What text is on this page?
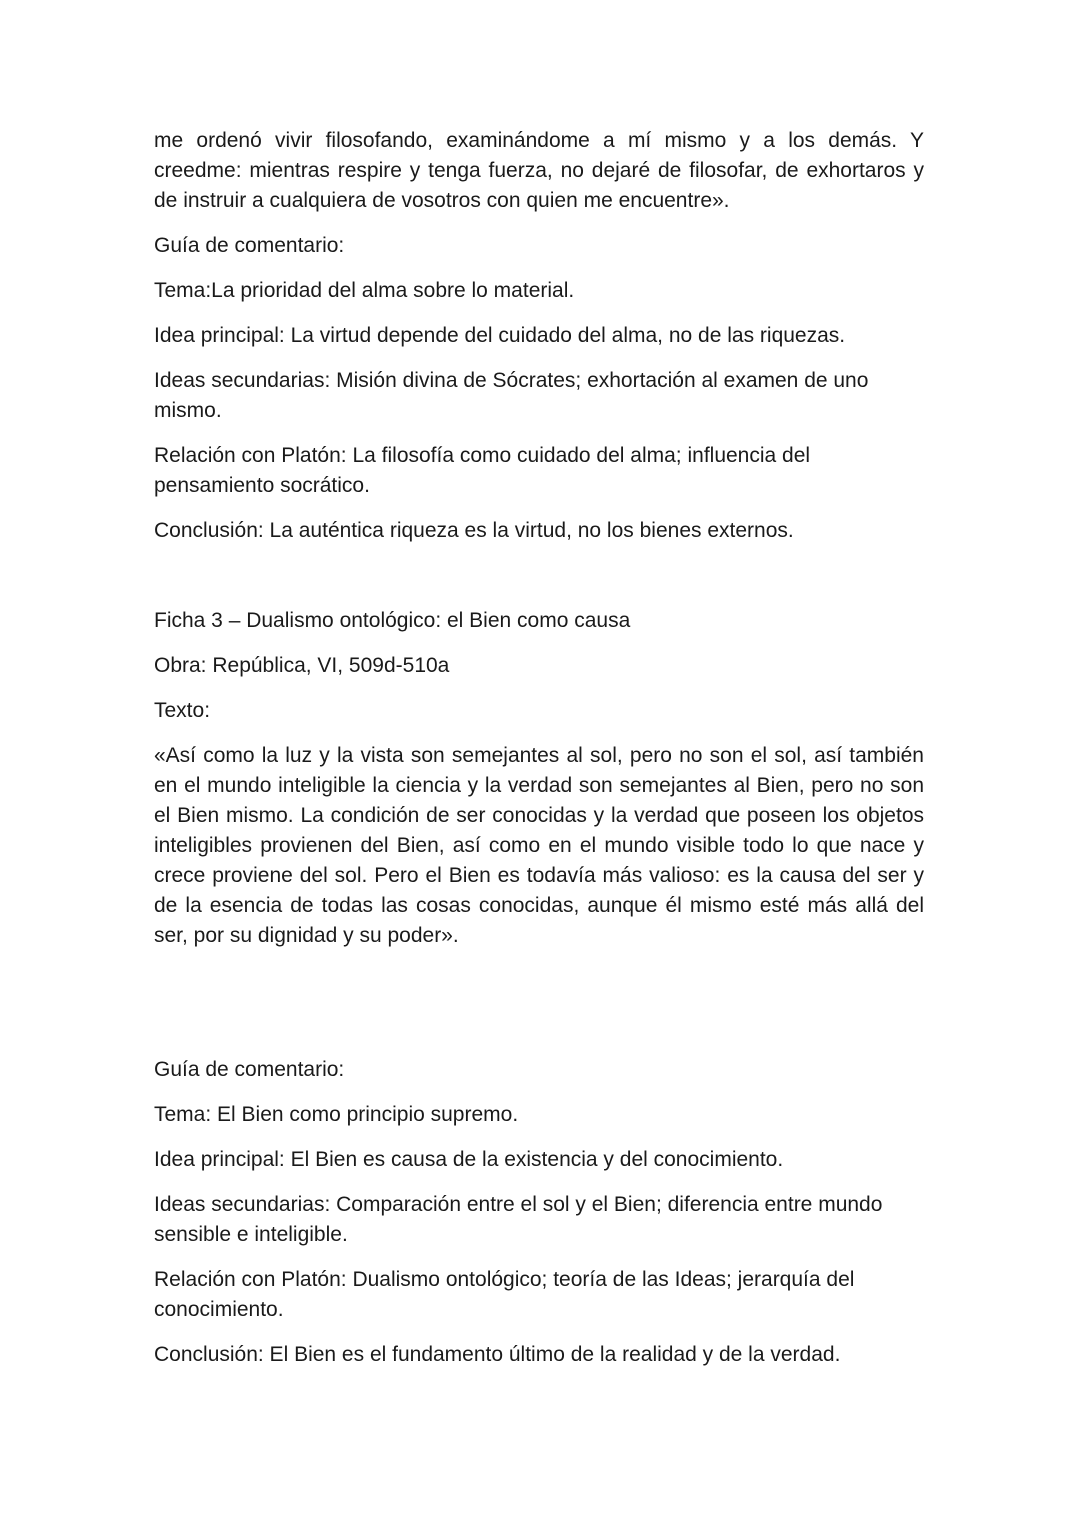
me ordenó vivir filosofando, examinándome a mí mismo y a los demás. Y creedme: mientras respire y tenga fuerza, no dejaré de filosofar, de exhortaros y de instruir a cualquiera de vosotros con quien me encuentre».

Guía de comentario:

Tema:La prioridad del alma sobre lo material.

Idea principal: La virtud depende del cuidado del alma, no de las riquezas.

Ideas secundarias: Misión divina de Sócrates; exhortación al examen de uno mismo.

Relación con Platón: La filosofía como cuidado del alma; influencia del pensamiento socrático.

Conclusión: La auténtica riqueza es la virtud, no los bienes externos.

Ficha 3 – Dualismo ontológico: el Bien como causa

Obra: República, VI, 509d-510a

Texto:

«Así como la luz y la vista son semejantes al sol, pero no son el sol, así también en el mundo inteligible la ciencia y la verdad son semejantes al Bien, pero no son el Bien mismo. La condición de ser conocidas y la verdad que poseen los objetos inteligibles provienen del Bien, así como en el mundo visible todo lo que nace y crece proviene del sol. Pero el Bien es todavía más valioso: es la causa del ser y de la esencia de todas las cosas conocidas, aunque él mismo esté más allá del ser, por su dignidad y su poder».

Guía de comentario:

Tema: El Bien como principio supremo.

Idea principal: El Bien es causa de la existencia y del conocimiento.

Ideas secundarias: Comparación entre el sol y el Bien; diferencia entre mundo sensible e inteligible.

Relación con Platón: Dualismo ontológico; teoría de las Ideas; jerarquía del conocimiento.

Conclusión: El Bien es el fundamento último de la realidad y de la verdad.
